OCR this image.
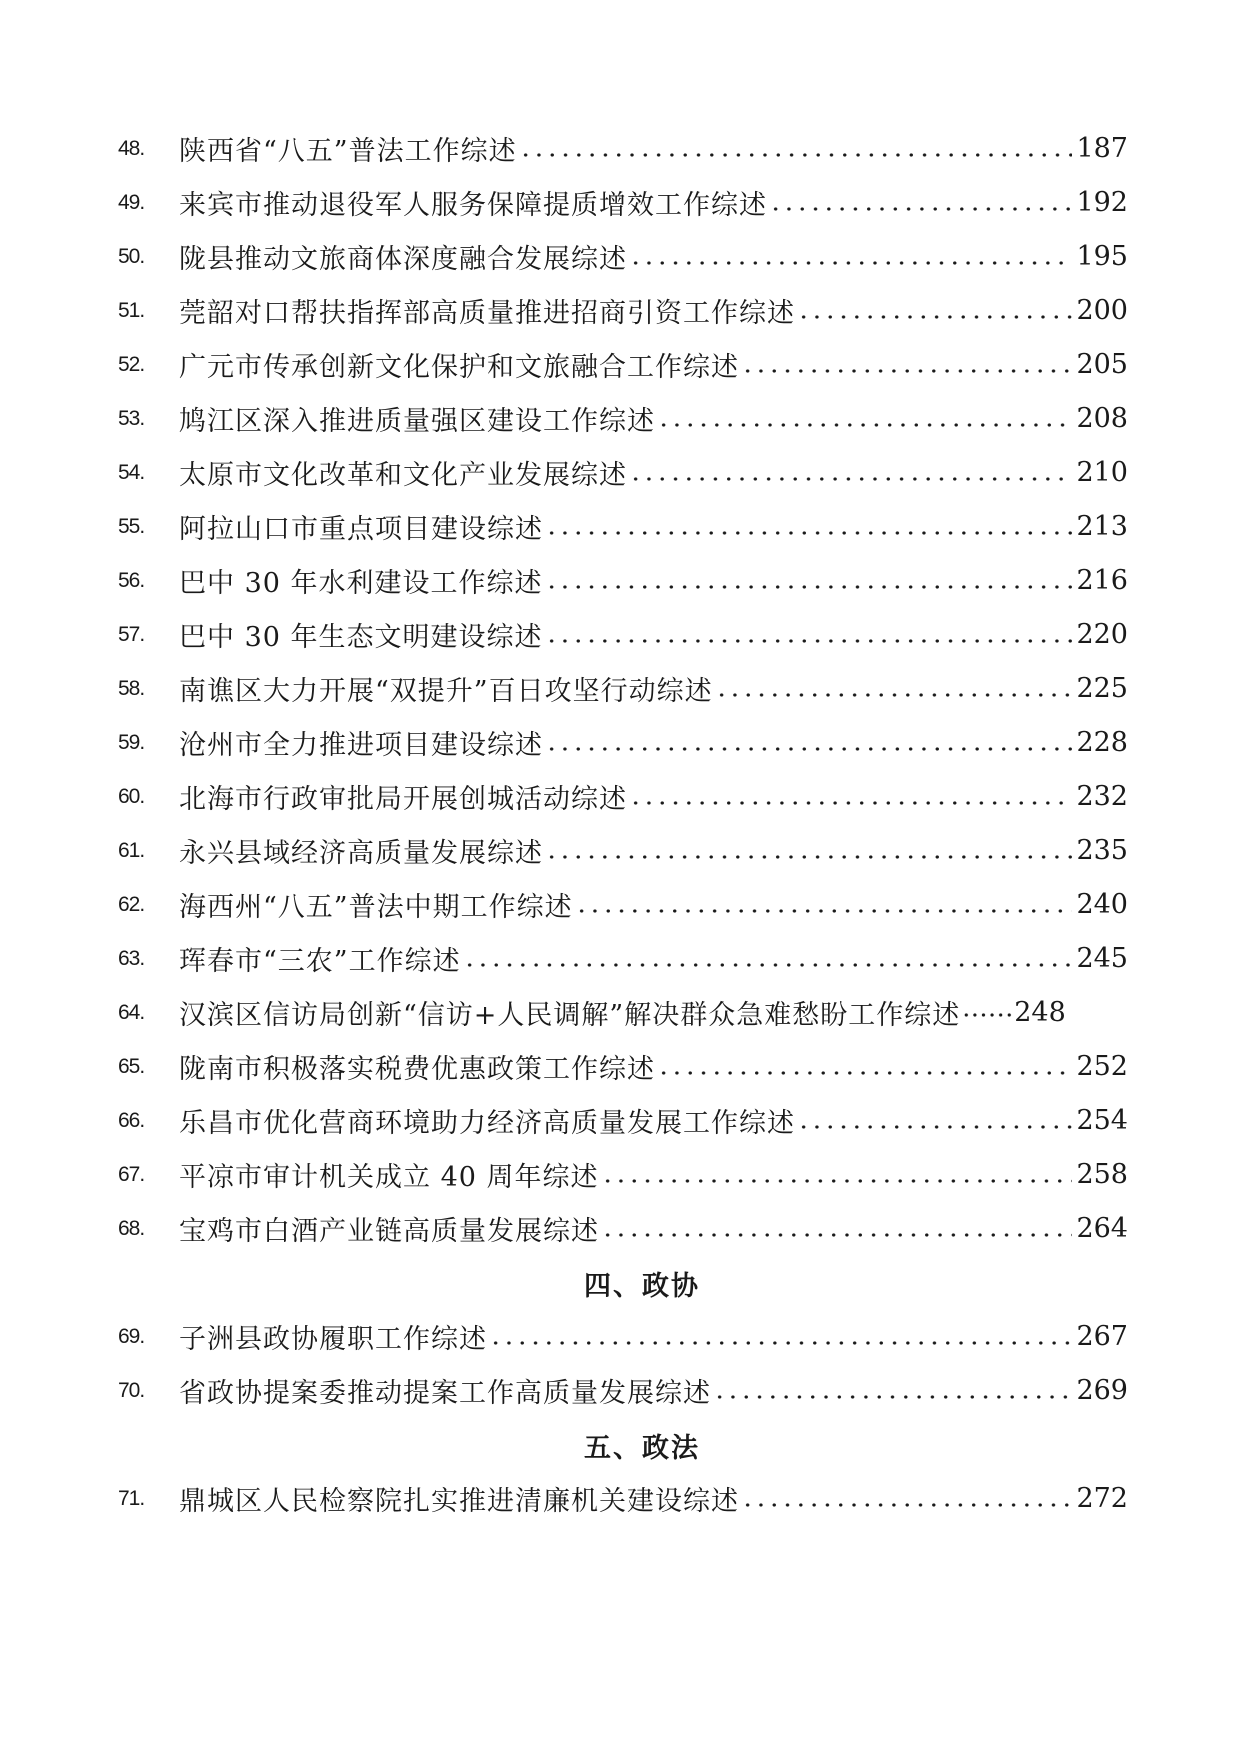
48.	陕西省“八五”普法工作综述	187
49.	来宾市推动退役军人服务保障提质增效工作综述	192
50.	陇县推动文旅商体深度融合发展综述	195
51.	莞韶对口帮扶指挥部高质量推进招商引资工作综述	200
52.	广元市传承创新文化保护和文旅融合工作综述	205
53.	鸠江区深入推进质量强区建设工作综述	208
54.	太原市文化改革和文化产业发展综述	210
55.	阿拉山口市重点项目建设综述	213
56.	巴中 30 年水利建设工作综述	216
57.	巴中 30 年生态文明建设综述	220
58.	南谯区大力开展“双提升”百日攻坚行动综述	225
59.	沧州市全力推进项目建设综述	228
60.	北海市行政审批局开展创城活动综述	232
61.	永兴县域经济高质量发展综述	235
62.	海西州“八五”普法中期工作综述	240
63.	珲春市“三农”工作综述	245
64.	汉滨区信访局创新“信访+人民调解”解决群众急难愁盼工作综述 248
65.	陇南市积极落实税费优惠政策工作综述	252
66.	乐昌市优化营商环境助力经济高质量发展工作综述	254
67.	平凉市审计机关成立 40 周年综述	258
68.	宝鸡市白酒产业链高质量发展综述	264
四、政协
69.	子洲县政协履职工作综述	267
70.	省政协提案委推动提案工作高质量发展综述	269
五、政法
71.	鼎城区人民检察院扎实推进清廉机关建设综述	272
